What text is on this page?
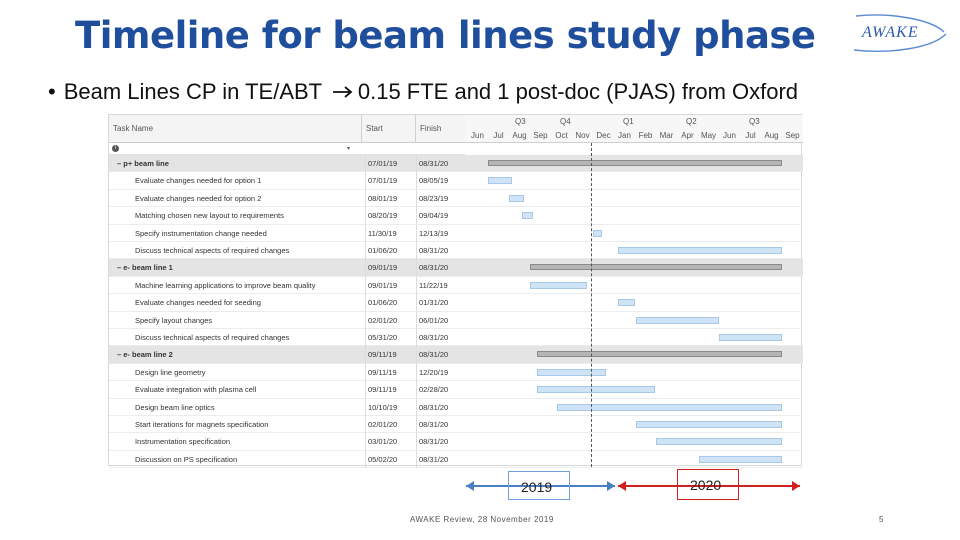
Timeline for beam lines study phase	AWAKE
• Beam Lines CP in TE/ABT 0.15 FTE and 1 post-doc (PJAS) from Oxford
Task Name	Start	Finish
i	▾
Jun	Jul	Aug Sep Oct Nov Dec Jan Feb Mar Apr May Jun	Jul	Aug Sep
Q3	Q4	Q1	Q2	Q3
– p+ beam line	07/01/19	08/31/20
Evaluate changes needed for option 1	07/01/19	08/05/19
Evaluate changes needed for option 2	08/01/19	08/23/19
Matching chosen new layout to requirements	08/20/19	09/04/19
Specify instrumentation change needed	11/30/19	12/13/19
Discuss technical aspects of required changes	01/06/20	08/31/20
– e- beam line 1	09/01/19	08/31/20
Machine learning applications to improve beam quality	09/01/19	11/22/19
Evaluate changes needed for seeding	01/06/20	01/31/20
Specify layout changes	02/01/20	06/01/20
Discuss technical aspects of required changes	05/31/20	08/31/20
– e- beam line 2	09/11/19	08/31/20
Design line geometry	09/11/19	12/20/19
Evaluate integration with plasma cell	09/11/19	02/28/20
Design beam line optics	10/10/19	08/31/20
Start iterations for magnets specification	02/01/20	08/31/20
Instrumentation specification	03/01/20	08/31/20
Discussion on PS specification	05/02/20	08/31/20
2019	2020
AWAKE Review, 28 November 2019	5
